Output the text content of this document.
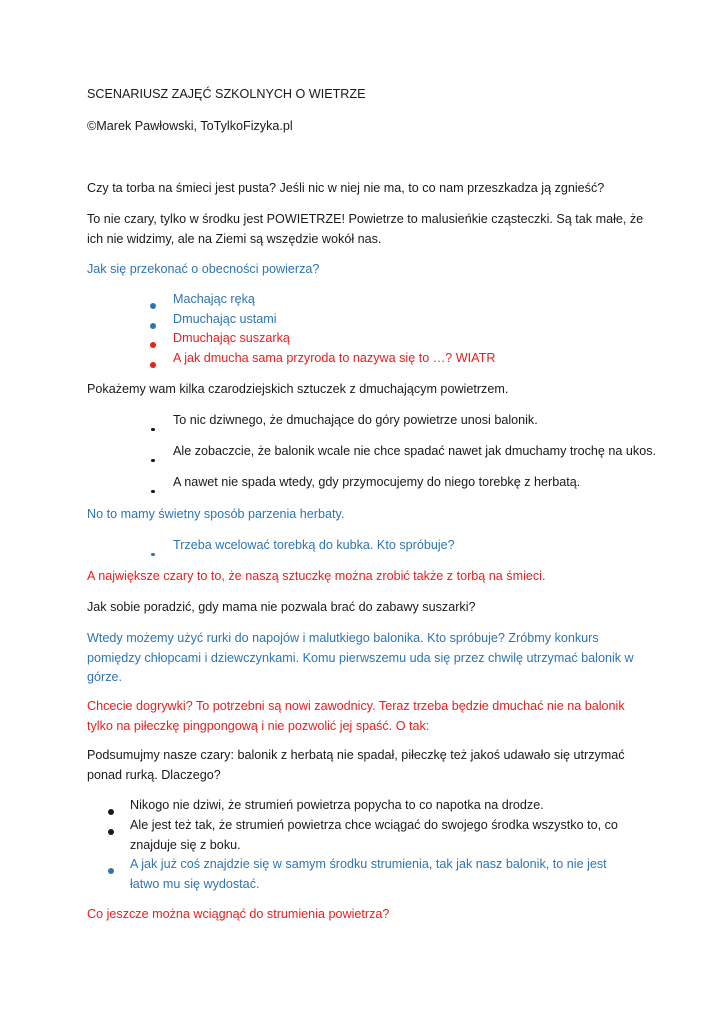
SCENARIUSZ ZAJĘĆ SZKOLNYCH O WIETRZE

©Marek Pawłowski, ToTylkoFizyka.pl

Czy ta torba na śmieci jest pusta? Jeśli nic w niej nie ma, to co nam przeszkadza ją zgnieść?

To nie czary, tylko w środku jest POWIETRZE! Powietrze to malusieńkie cząsteczki. Są tak małe, że ich nie widzimy, ale na Ziemi są wszędzie wokół nas.

Jak się przekonać o obecności powierza?

Machając ręką
Dmuchając ustami
Dmuchając suszarką
A jak dmucha sama przyroda to nazywa się to …? WIATR

Pokażemy wam kilka czarodziejskich sztuczek z dmuchającym powietrzem.

To nic dziwnego, że dmuchające do góry powietrze unosi balonik.
Ale zobaczcie, że balonik wcale nie chce spadać nawet jak dmuchamy trochę na ukos.
A nawet nie spada wtedy, gdy przymocujemy do niego torebkę z herbatą.

No to mamy świetny sposób parzenia herbaty.

Trzeba wcelować torebką do kubka. Kto spróbuje?

A największe czary to to, że naszą sztuczkę można zrobić także z torbą na śmieci.

Jak sobie poradzić, gdy mama nie pozwala brać do zabawy suszarki?

Wtedy możemy użyć rurki do napojów i malutkiego balonika. Kto spróbuje? Zróbmy konkurs pomiędzy chłopcami i dziewczynkami. Komu pierwszemu uda się przez chwilę utrzymać balonik w górze.

Chcecie dogrywki? To potrzebni są nowi zawodnicy. Teraz trzeba będzie dmuchać nie na balonik tylko na piłeczkę pingpongową i nie pozwolić jej spaść. O tak:

Podsumujmy nasze czary: balonik z herbatą nie spadał, piłeczkę też jakoś udawało się utrzymać ponad rurką. Dlaczego?

Nikogo nie dziwi, że strumień powietrza popycha to co napotka na drodze.
Ale jest też tak, że strumień powietrza chce wciągać do swojego środka wszystko to, co znajduje się z boku.
A jak już coś znajdzie się w samym środku strumienia, tak jak nasz balonik, to nie jest łatwo mu się wydostać.

Co jeszcze można wciągnąć do strumienia powietrza?
